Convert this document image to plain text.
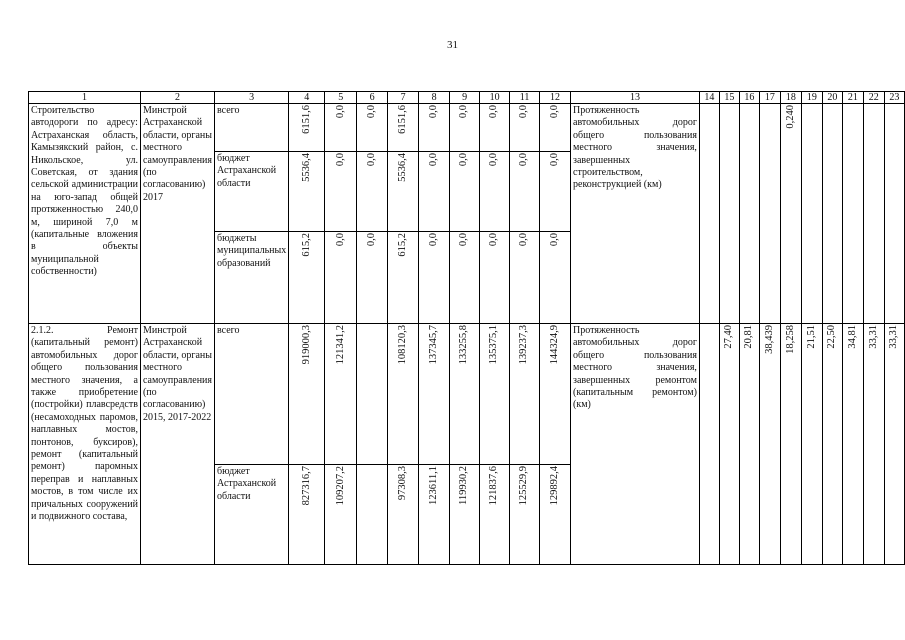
31
1	2	3	4	5	6	7	8	9	10	11	12	13	14	15	16	17	18	19	20	21	22	23
Строительство автодороги по адресу: Астраханская область, Камызякский район, с. Никольское, ул. Советская, от здания сельской администрации на юго-запад общей протяженностью 240,0 м, шириной 7,0 м (капитальные вложения в объекты муниципальной собственности)	Минстрой Астраханской области, органы местного самоуправления (по согласованию) 2017	всего	6151,6	0,0	0,0	6151,6	0,0	0,0	0,0	0,0	0,0	Протяженность автомобильных дорог общего пользования местного значения, завершенных строительством, реконструкцией (км)					0,240					

		бюджет Астраханской области	5536,4	0,0	0,0	5536,4	0,0	0,0	0,0	0,0	0,0											

		бюджеты муниципальных образований	615,2	0,0	0,0	615,2	0,0	0,0	0,0	0,0	0,0											

2.1.2. Ремонт (капитальный ремонт) автомобильных дорог общего пользования местного значения, а также приобретение (постройки) плавсредств (несамоходных паромов, наплавных мостов, понтонов, буксиров), ремонт (капитальный ремонт) паромных переправ и наплавных мостов, в том числе их причальных сооружений и подвижного состава,	Минстрой Астраханской области, органы местного самоуправления (по согласованию) 2015, 2017-2022	всего	919000,3	121341,2		108120,3	137345,7	133255,8	135375,1	139237,3	144324,9	Протяженность автомобильных дорог общего пользования местного значения, завершенных ремонтом (капитальным ремонтом) (км)		27,40	20,81	38,439	18,258	21,51	22,50	34,81	33,31	33,31

		бюджет Астраханской области	827316,7	109207,2		97308,3	123611,1	119930,2	121837,6	125529,9	129892,4											
